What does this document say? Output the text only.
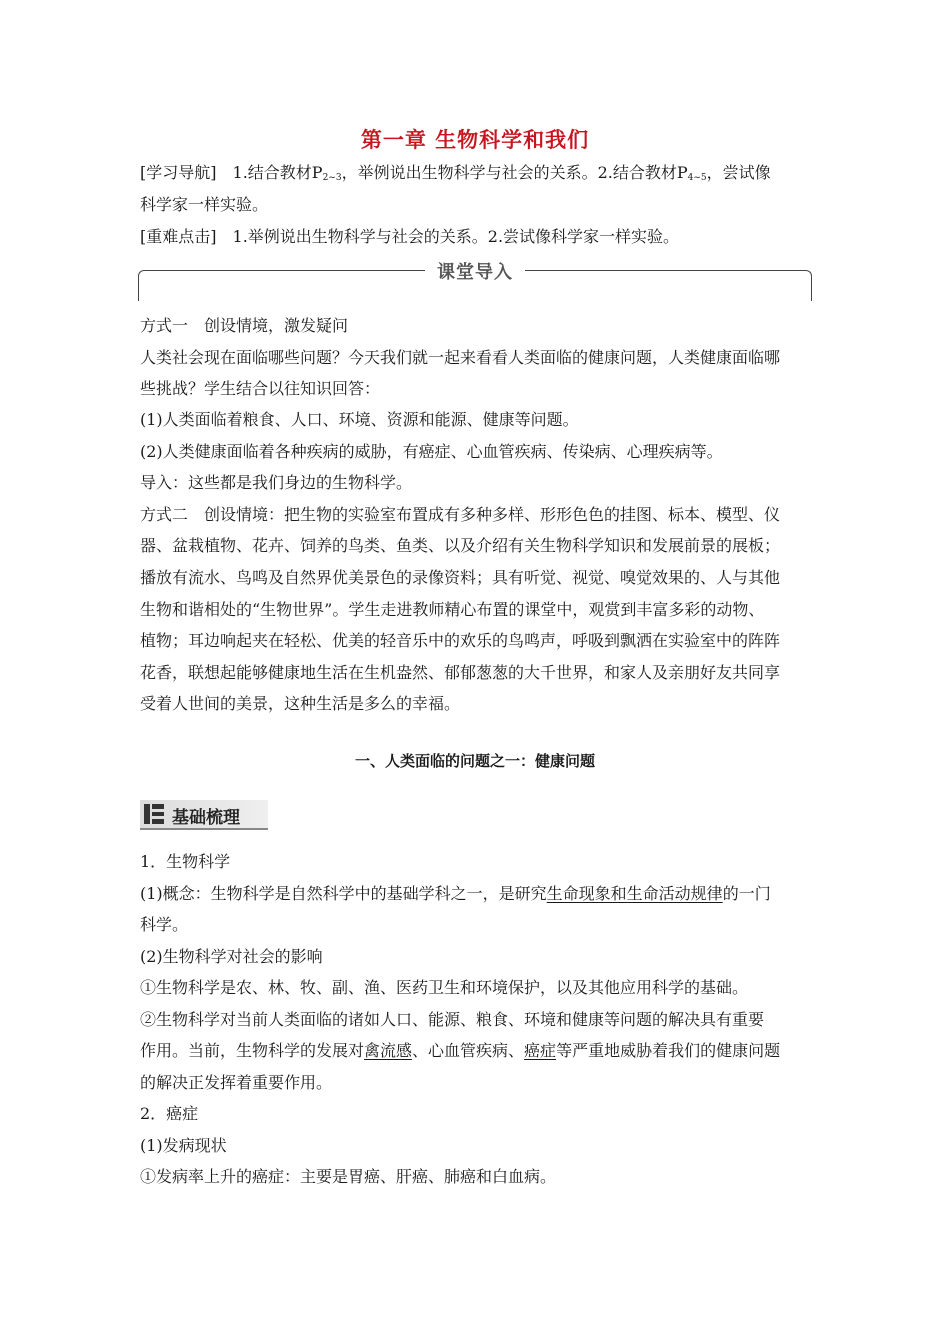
第一章 生物科学和我们
[学习导航]　 1.结合教材$P_{2\sim 3}$，举例说出生物科学与社会的关系。2.结合教材$P_{4\sim 5}$，尝试像
科学家一样实验。
[重难点击]　 1.举例说出生物科学与社会的关系。2.尝试像科学家一样实验。
课堂导入
方式一　创设情境，激发疑问
人类社会现在面临哪些问题？今天我们就一起来看看人类面临的健康问题，人类健康面临哪
些挑战？学生结合以往知识回答：
(1)人类面临着粮食、人口、环境、资源和能源、健康等问题。
(2)人类健康面临着各种疾病的威胁，有癌症、心血管疾病、传染病、心理疾病等。
导入：这些都是我们身边的生物科学。
方式二　创设情境：把生物的实验室布置成有多种多样、形形色色的挂图、标本、模型、仪
器、盆栽植物、花卉、饲养的鸟类、鱼类、以及介绍有关生物科学知识和发展前景的展板；
播放有流水、鸟鸣及自然界优美景色的录像资料；具有听觉、视觉、嗅觉效果的、人与其他
生物和谐相处的“生物世界”。学生走进教师精心布置的课堂中，观赏到丰富多彩的动物、
植物；耳边响起夹在轻松、优美的轻音乐中的欢乐的鸟鸣声，呼吸到飘洒在实验室中的阵阵
花香，联想起能够健康地生活在生机盎然、郁郁葱葱的大千世界，和家人及亲朋好友共同享
受着人世间的美景，这种生活是多么的幸福。
一、人类面临的问题之一：健康问题
基础梳理
1．生物科学
(1)概念：生物科学是自然科学中的基础学科之一，是研究生命现象和生命活动规律的一门
科学。
(2)生物科学对社会的影响
①生物科学是农、林、牧、副、渔、医药卫生和环境保护，以及其他应用科学的基础。
②生物科学对当前人类面临的诸如人口、能源、粮食、环境和健康等问题的解决具有重要
作用。当前，生物科学的发展对禽流感、心血管疾病、癌症等严重地威胁着我们的健康问题
的解决正发挥着重要作用。
2．癌症
(1)发病现状
①发病率上升的癌症：主要是胃癌、肝癌、肺癌和白血病。
